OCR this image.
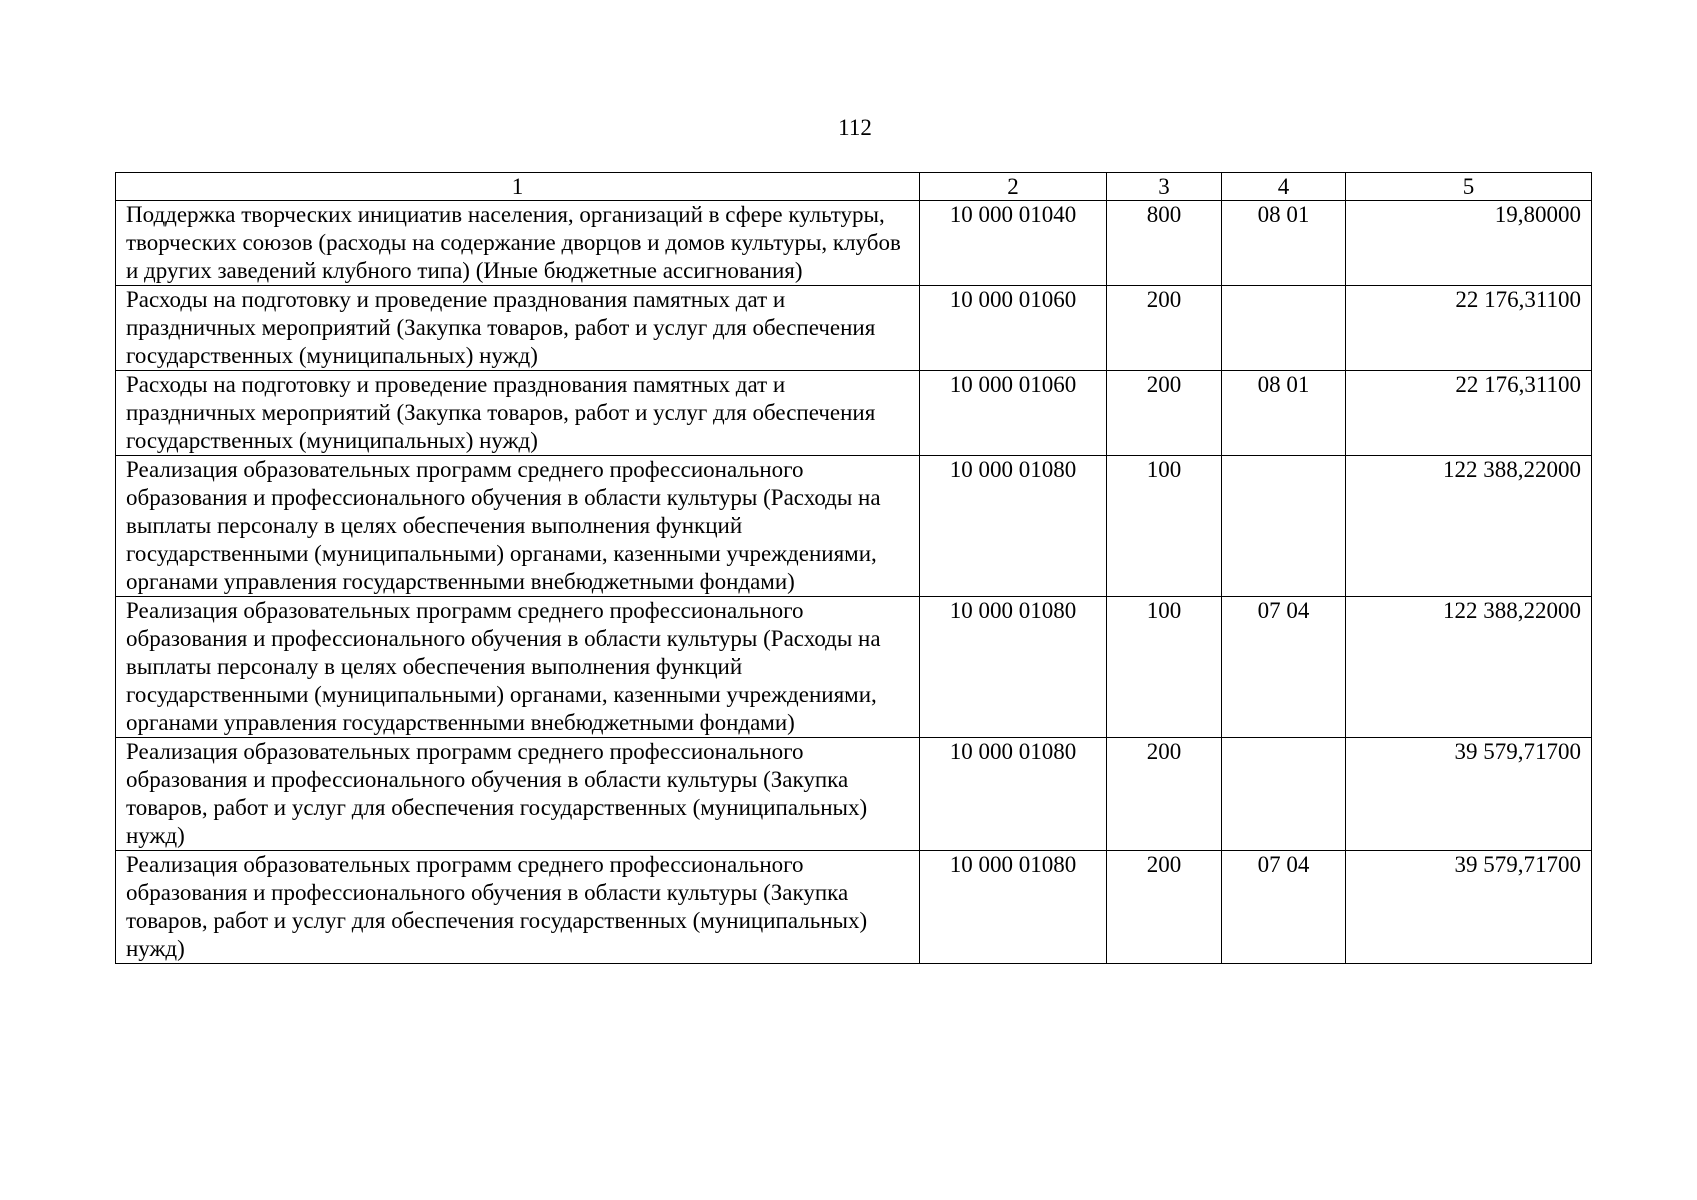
112
1	2	3	4	5
Поддержка творческих инициатив населения, организаций в сфере культуры, творческих союзов (расходы на содержание дворцов и домов культуры, клубов и других заведений клубного типа) (Иные бюджетные ассигнования)	10 000 01040	800	08 01	19,80000
Расходы на подготовку и проведение празднования памятных дат и праздничных мероприятий (Закупка товаров, работ и услуг для обеспечения государственных (муниципальных) нужд)	10 000 01060	200		22 176,31100
Расходы на подготовку и проведение празднования памятных дат и праздничных мероприятий (Закупка товаров, работ и услуг для обеспечения государственных (муниципальных) нужд)	10 000 01060	200	08 01	22 176,31100
Реализация образовательных программ среднего профессионального образования и профессионального обучения в области культуры (Расходы на выплаты персоналу в целях обеспечения выполнения функций государственными (муниципальными) органами, казенными учреждениями, органами управления государственными внебюджетными фондами)	10 000 01080	100		122 388,22000
Реализация образовательных программ среднего профессионального образования и профессионального обучения в области культуры (Расходы на выплаты персоналу в целях обеспечения выполнения функций государственными (муниципальными) органами, казенными учреждениями, органами управления государственными внебюджетными фондами)	10 000 01080	100	07 04	122 388,22000
Реализация образовательных программ среднего профессионального образования и профессионального обучения в области культуры (Закупка товаров, работ и услуг для обеспечения государственных (муниципальных) нужд)	10 000 01080	200		39 579,71700
Реализация образовательных программ среднего профессионального образования и профессионального обучения в области культуры (Закупка товаров, работ и услуг для обеспечения государственных (муниципальных) нужд)	10 000 01080	200	07 04	39 579,71700
